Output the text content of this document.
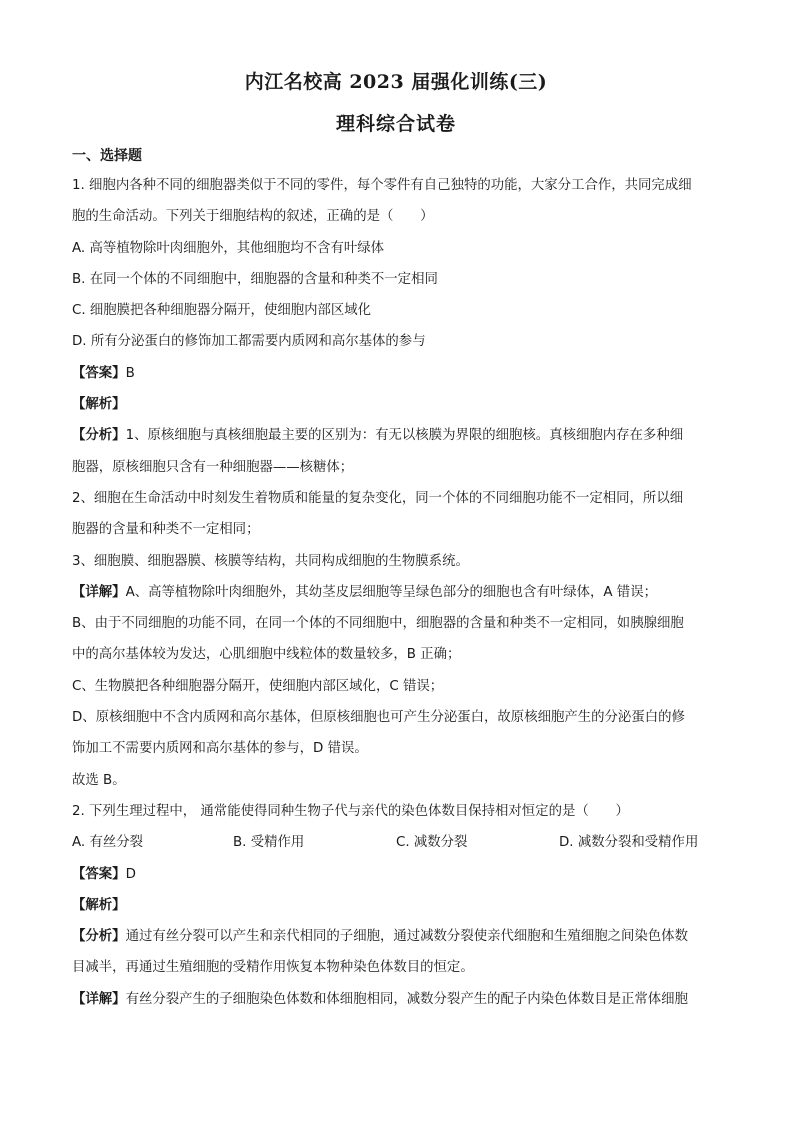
内江名校高 2023 届强化训练(三)
理科综合试卷
一、选择题

1. 细胞内各种不同的细胞器类似于不同的零件，每个零件有自己独特的功能，大家分工合作，共同完成细

胞的生命活动。下列关于细胞结构的叙述，正确的是（　　）

A. 高等植物除叶肉细胞外，其他细胞均不含有叶绿体

B. 在同一个体的不同细胞中，细胞器的含量和种类不一定相同

C. 细胞膜把各种细胞器分隔开，使细胞内部区域化

D. 所有分泌蛋白的修饰加工都需要内质网和高尔基体的参与

【答案】B

【解析】

【分析】1、原核细胞与真核细胞最主要的区别为：有无以核膜为界限的细胞核。真核细胞内存在多种细

胞器，原核细胞只含有一种细胞器——核糖体；

2、细胞在生命活动中时刻发生着物质和能量的复杂变化，同一个体的不同细胞功能不一定相同，所以细

胞器的含量和种类不一定相同；

3、细胞膜、细胞器膜、核膜等结构，共同构成细胞的生物膜系统。

【详解】A、高等植物除叶肉细胞外，其幼茎皮层细胞等呈绿色部分的细胞也含有叶绿体，A 错误；

B、由于不同细胞的功能不同，在同一个体的不同细胞中，细胞器的含量和种类不一定相同，如胰腺细胞

中的高尔基体较为发达，心肌细胞中线粒体的数量较多，B 正确；

C、生物膜把各种细胞器分隔开，使细胞内部区域化，C 错误；

D、原核细胞中不含内质网和高尔基体，但原核细胞也可产生分泌蛋白，故原核细胞产生的分泌蛋白的修

饰加工不需要内质网和高尔基体的参与，D 错误。

故选 B。

2. 下列生理过程中， 通常能使得同种生物子代与亲代的染色体数目保持相对恒定的是（　　）

A. 有丝分裂	B. 受精作用	C. 减数分裂	D. 减数分裂和受精作用

【答案】D

【解析】

【分析】通过有丝分裂可以产生和亲代相同的子细胞，通过减数分裂使亲代细胞和生殖细胞之间染色体数

目减半，再通过生殖细胞的受精作用恢复本物种染色体数目的恒定。

【详解】有丝分裂产生的子细胞染色体数和体细胞相同，减数分裂产生的配子内染色体数目是正常体细胞
